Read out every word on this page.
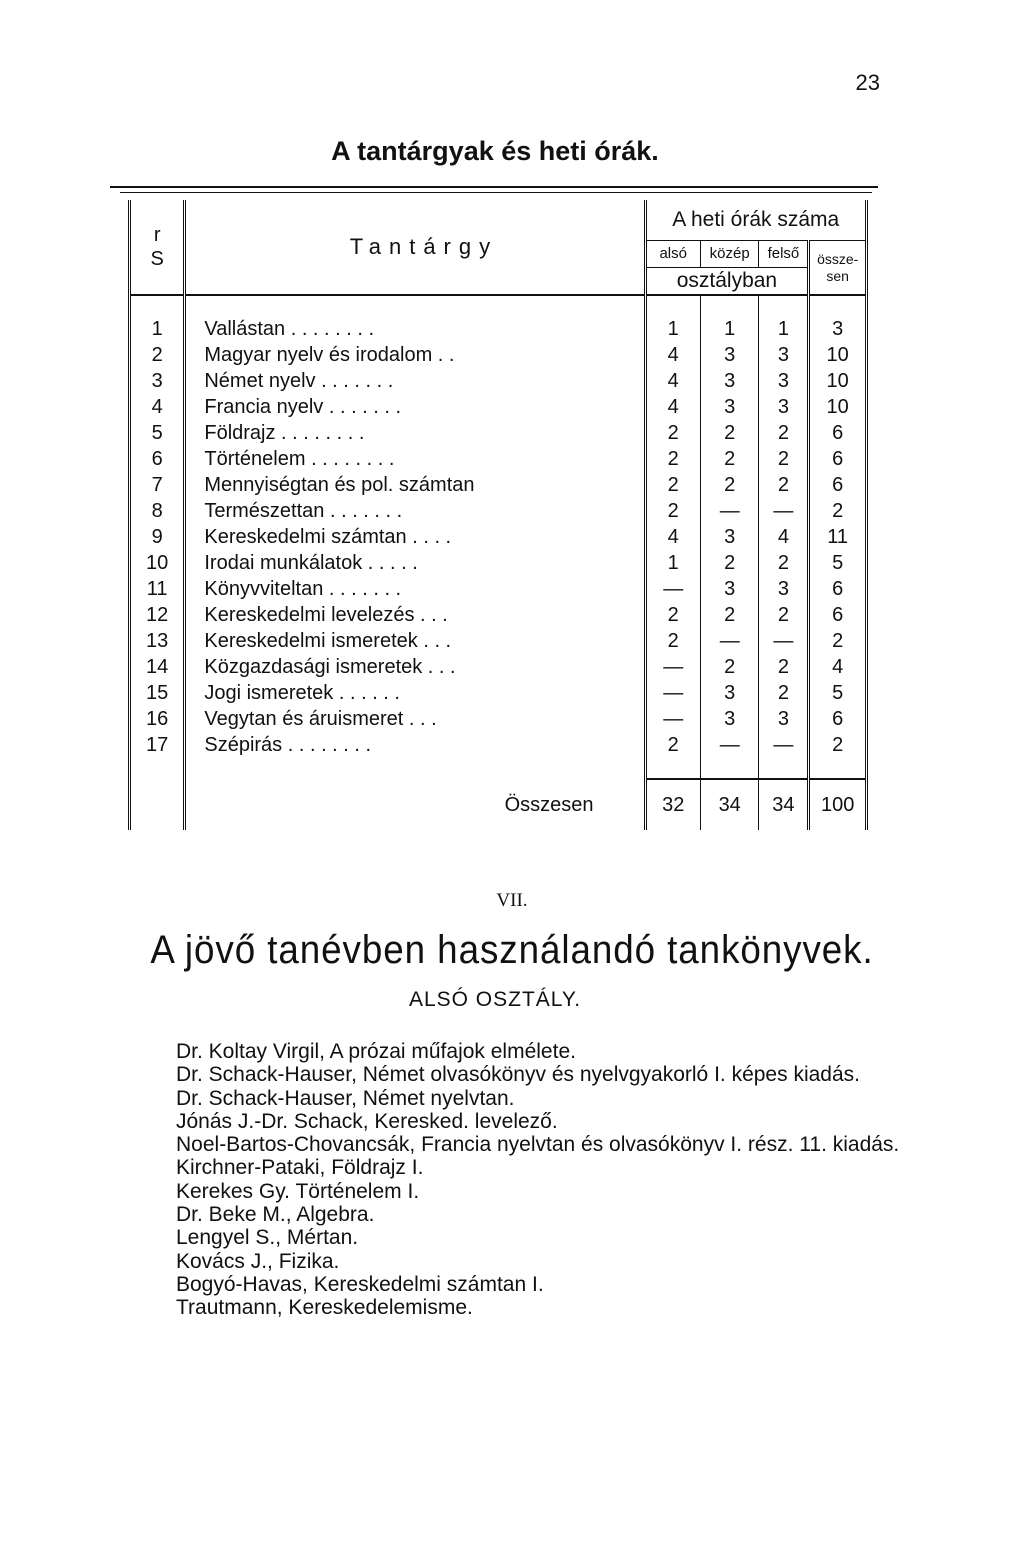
23
A tantárgyak és heti órák.
r
S	Tantárgy	A heti órák száma			
		alsó	közép	felső	össze- sen
		osztályban			

1	Vallástan . . . . . . . .	1	1	1	3
2	Magyar nyelv és irodalom . .	4	3	3	10
3	Német nyelv . . . . . . .	4	3	3	10
4	Francia nyelv . . . . . . .	4	3	3	10
5	Földrajz . . . . . . . .	2	2	2	6
6	Történelem . . . . . . . .	2	2	2	6
7	Mennyiségtan és pol. számtan	2	2	2	6
8	Természettan . . . . . . .	2	—	—	2
9	Kereskedelmi számtan . . . .	4	3	4	11
10	Irodai munkálatok . . . . .	1	2	2	5
11	Könyvviteltan . . . . . . .	—	3	3	6
12	Kereskedelmi levelezés . . .	2	2	2	6
13	Kereskedelmi ismeretek . . .	2	—	—	2
14	Közgazdasági ismeretek . . .	—	2	2	4
15	Jogi ismeretek . . . . . .	—	3	2	5
16	Vegytan és áruismeret . . .	—	3	3	6
17	Szépirás . . . . . . . .	2	—	—	2

	Összesen	32	34	34	100
VII.
A jövő tanévben használandó tankönyvek.
ALSÓ OSZTÁLY.
Dr. Koltay Virgil, A prózai műfajok elmélete.
Dr. Schack-Hauser, Német olvasókönyv és nyelvgyakorló I. képes kiadás.
Dr. Schack-Hauser, Német nyelvtan.
Jónás J.-Dr. Schack, Keresked. levelező.
Noel-Bartos-Chovancsák, Francia nyelvtan és olvasókönyv I. rész. 11. kiadás.
Kirchner-Pataki, Földrajz I.
Kerekes Gy. Történelem I.
Dr. Beke M., Algebra.
Lengyel S., Mértan.
Kovács J., Fizika.
Bogyó-Havas, Kereskedelmi számtan I.
Trautmann, Kereskedelemisme.
